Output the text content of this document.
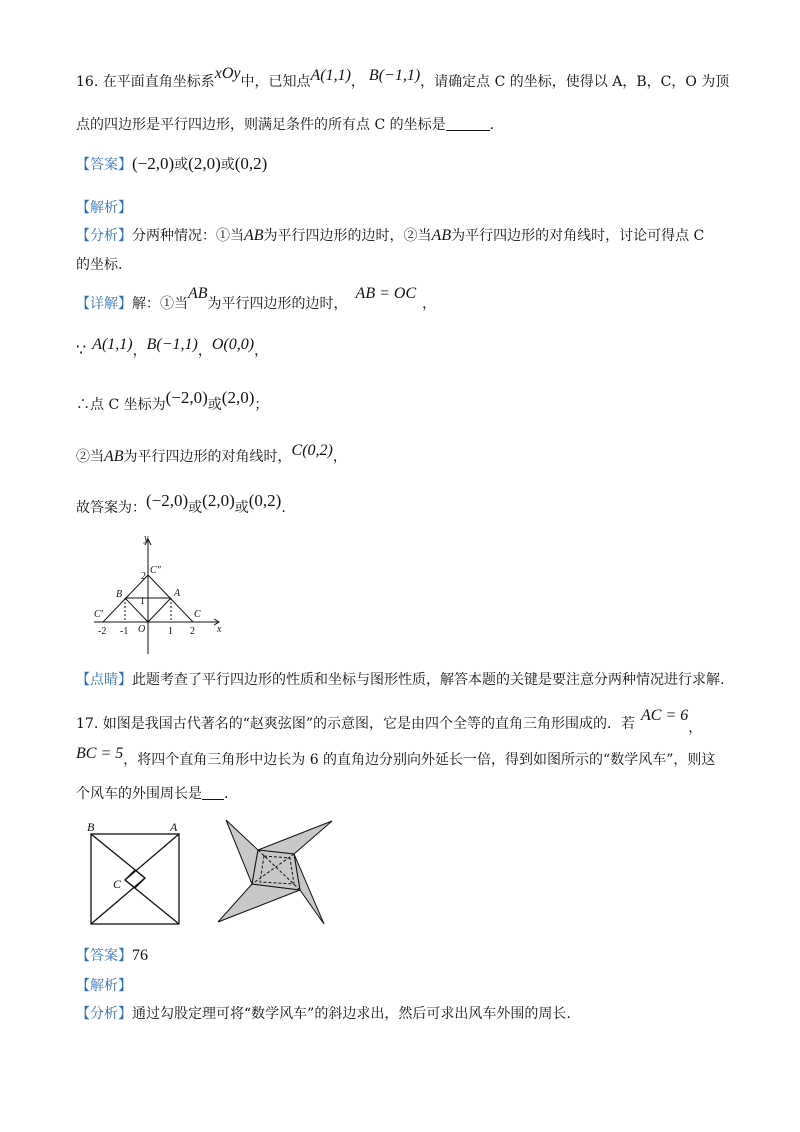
16. 在平面直角坐标系xOy中，已知点A(1,1)， B(−1,1)，请确定点 C 的坐标，使得以 A，B，C，O 为顶
点的四边形是平行四边形，则满足条件的所有点 C 的坐标是	.
【答案】(−2,0)或(2,0)或(0,2)
【解析】
【分析】分两种情况：①当AB为平行四边形的边时，②当AB为平行四边形的对角线时，讨论可得点 C
的坐标.
【详解】解：①当AB为平行四边形的边时，AB = OC，
∵ A(1,1)，B(−1,1)，O(0,0)，
∴点 C 坐标为(−2,0)或(2,0)；
②当AB为平行四边形的对角线时，C(0,2)，
故答案为：(−2,0)或(2,0)或(0,2).
y
x
2
1
C″
B	A
C′	C
O
-2 -1	1 2
【点睛】此题考查了平行四边形的性质和坐标与图形性质，解答本题的关键是要注意分两种情况进行求解.
17. 如图是我国古代著名的“赵爽弦图”的示意图，它是由四个全等的直角三角形围成的．若 AC = 6，
BC = 5，将四个直角三角形中边长为 6 的直角边分别向外延长一倍，得到如图所示的“数学风车”，则这
个风车的外围周长是 .
B	A
C
【答案】76
【解析】
【分析】通过勾股定理可将“数学风车”的斜边求出，然后可求出风车外围的周长.
